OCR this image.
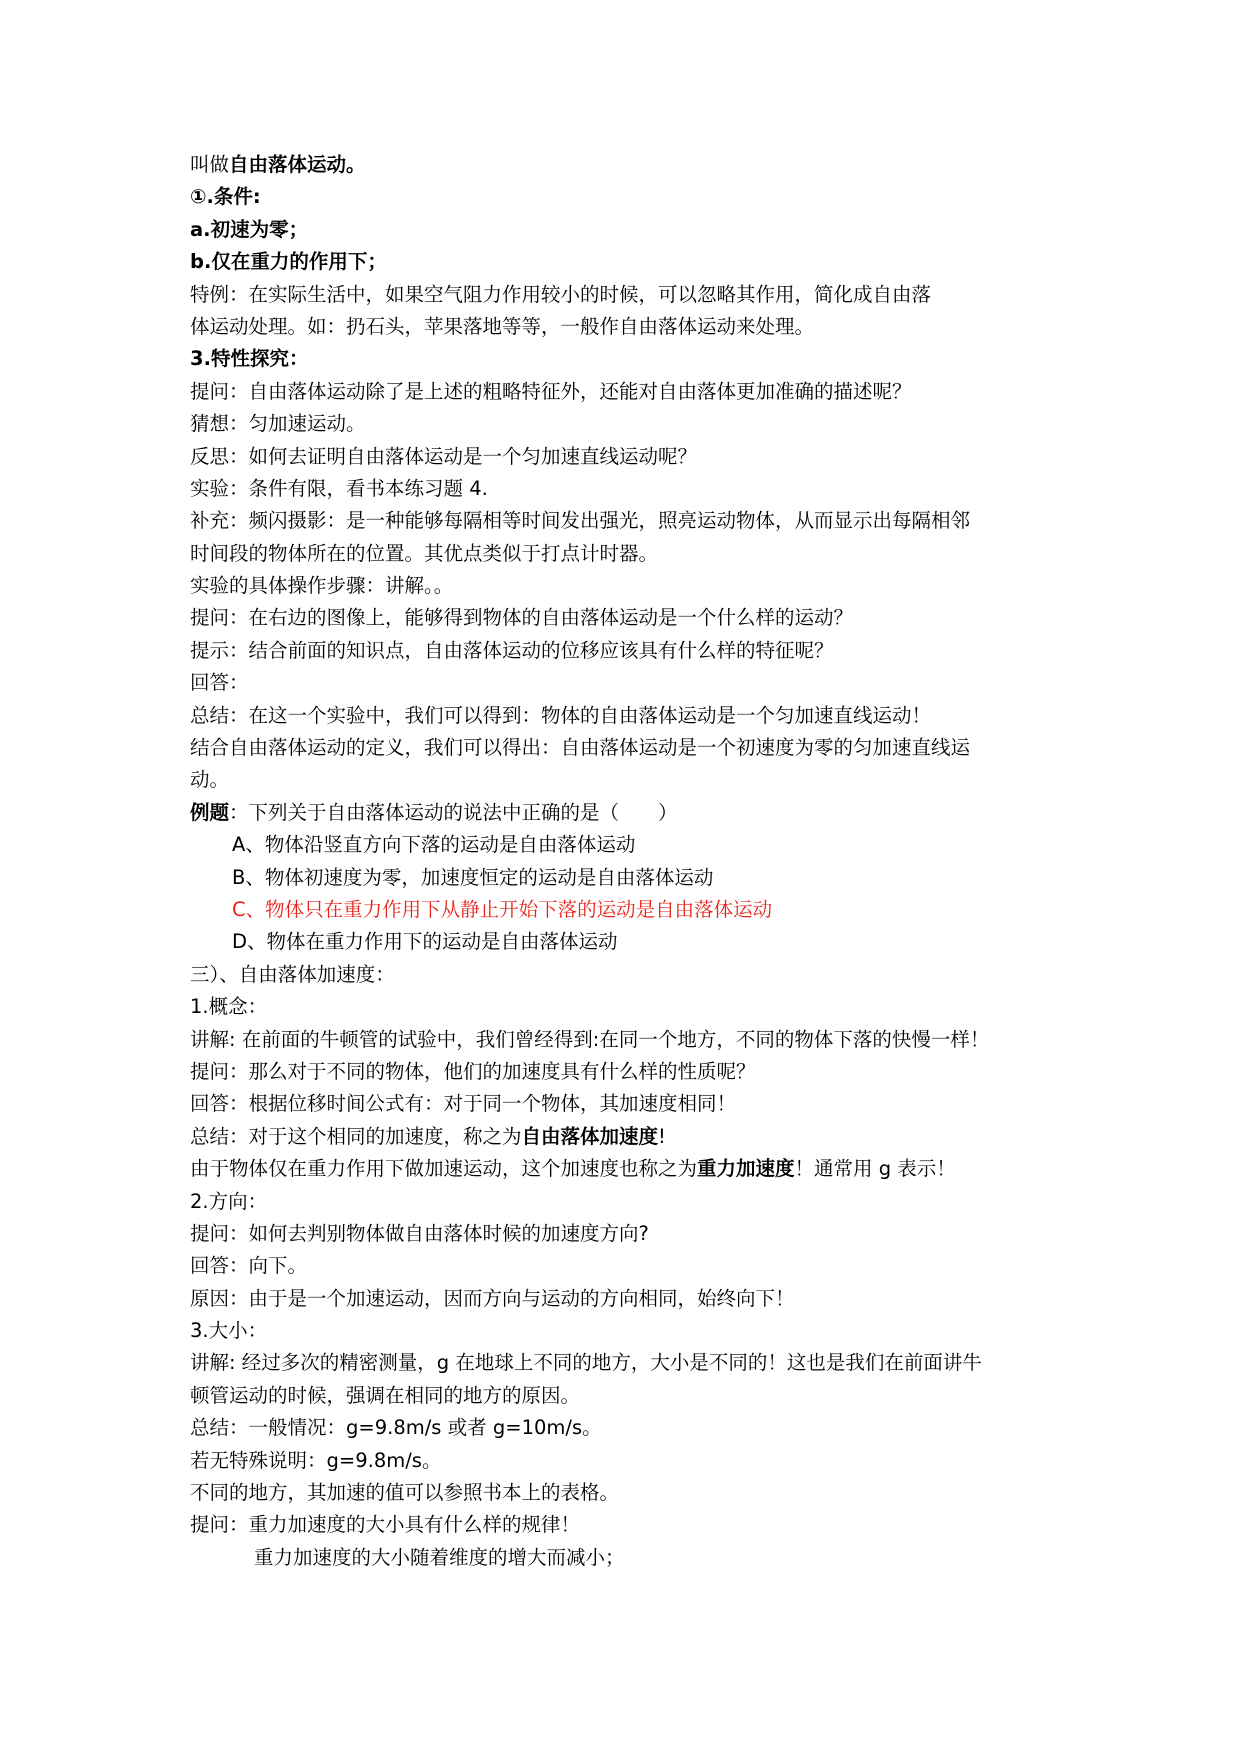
叫做自由落体运动。
①.条件:
a.初速为零；
b.仅在重力的作用下；
特例：在实际生活中，如果空气阻力作用较小的时候，可以忽略其作用，简化成自由落
体运动处理。如：扔石头，苹果落地等等，一般作自由落体运动来处理。
3.特性探究：
提问：自由落体运动除了是上述的粗略特征外，还能对自由落体更加准确的描述呢？
猜想：匀加速运动。
反思：如何去证明自由落体运动是一个匀加速直线运动呢？
实验：条件有限，看书本练习题 4.
补充：频闪摄影：是一种能够每隔相等时间发出强光，照亮运动物体，从而显示出每隔相邻
时间段的物体所在的位置。其优点类似于打点计时器。
实验的具体操作步骤：讲解。。
提问：在右边的图像上，能够得到物体的自由落体运动是一个什么样的运动？
提示：结合前面的知识点，自由落体运动的位移应该具有什么样的特征呢？
回答：
总结：在这一个实验中，我们可以得到：物体的自由落体运动是一个匀加速直线运动！
结合自由落体运动的定义，我们可以得出：自由落体运动是一个初速度为零的匀加速直线运
动。
例题：下列关于自由落体运动的说法中正确的是（　　）
A、物体沿竖直方向下落的运动是自由落体运动
B、物体初速度为零，加速度恒定的运动是自由落体运动
C、物体只在重力作用下从静止开始下落的运动是自由落体运动
D、物体在重力作用下的运动是自由落体运动
三）、自由落体加速度：
1.概念：
讲解: 在前面的牛顿管的试验中，我们曾经得到:在同一个地方，不同的物体下落的快慢一样！
提问：那么对于不同的物体，他们的加速度具有什么样的性质呢？
回答：根据位移时间公式有：对于同一个物体，其加速度相同！
总结：对于这个相同的加速度，称之为自由落体加速度!
由于物体仅在重力作用下做加速运动，这个加速度也称之为重力加速度！通常用 g 表示！
2.方向：
提问：如何去判别物体做自由落体时候的加速度方向?
回答：向下。
原因：由于是一个加速运动，因而方向与运动的方向相同，始终向下！
3.大小：
讲解: 经过多次的精密测量，g 在地球上不同的地方，大小是不同的！这也是我们在前面讲牛
顿管运动的时候，强调在相同的地方的原因。
总结：一般情况：g=9.8m/s 或者 g=10m/s。
若无特殊说明：g=9.8m/s。
不同的地方，其加速的值可以参照书本上的表格。
提问：重力加速度的大小具有什么样的规律！
重力加速度的大小随着维度的增大而减小；
